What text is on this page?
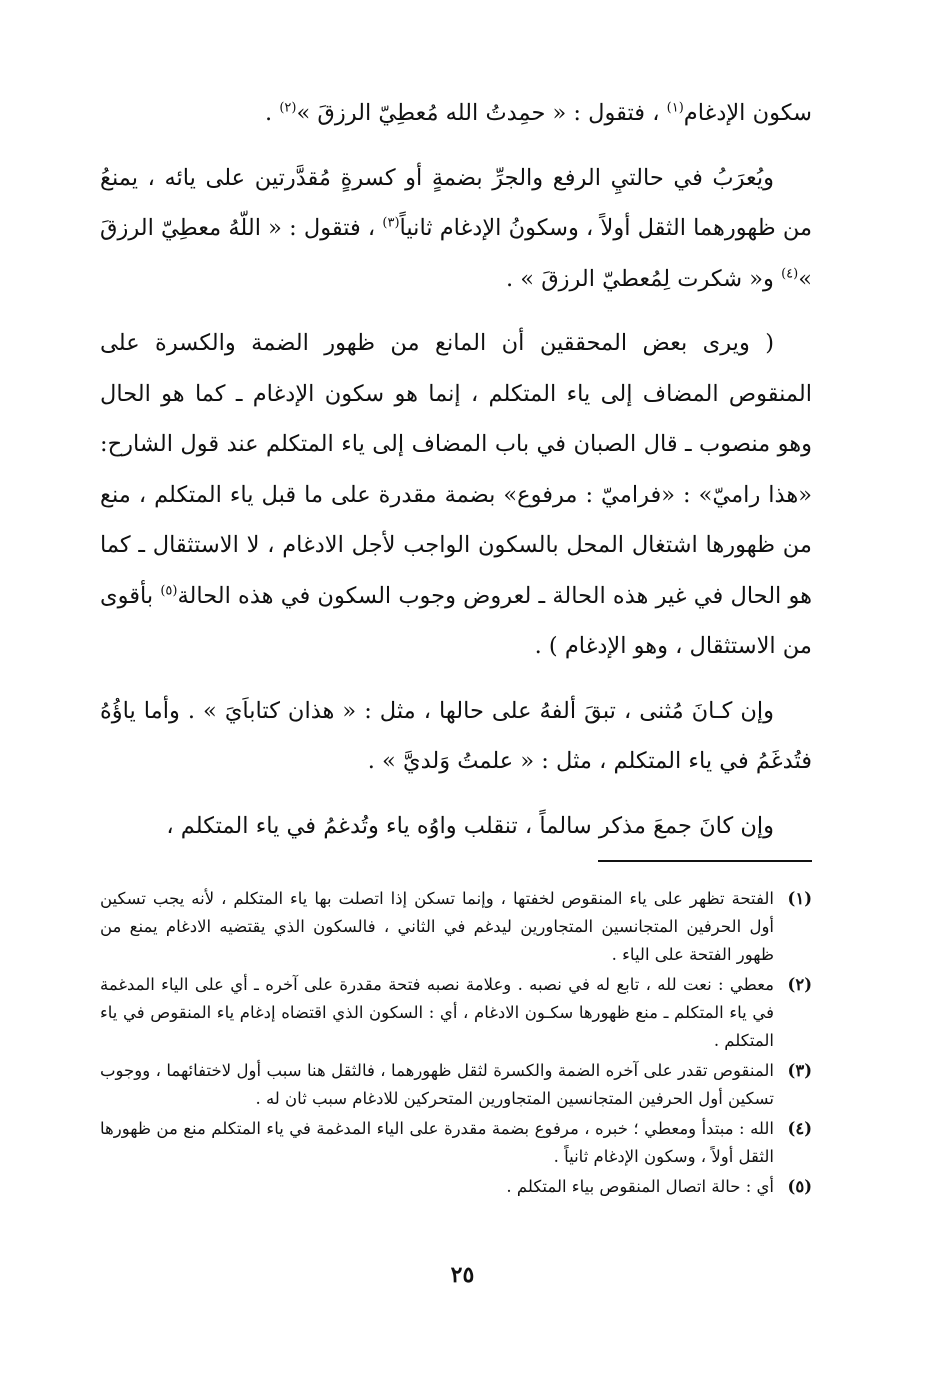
سكون الإدغام$^{(١)}$ ، فتقول : « حمِدتُ الله مُعطِيّ الرزقَ »$^{(٢)}$ .

ويُعرَبُ في حالتيِ الرفع والجرِّ بضمةٍ أو كسرةٍ مُقدَّرتين على يائه ، يمنعُ من ظهورهما الثقل أولاً ، وسكونُ الإدغام ثانياً$^{(٣)}$ ، فتقول : « اللّهُ معطِيّ الرزقَ »$^{(٤)}$ و« شكرت لِمُعطيّ الرزقَ » .

( ويرى بعض المحققين أن المانع من ظهور الضمة والكسرة على المنقوص المضاف إلى ياء المتكلم ، إنما هو سكون الإدغام ـ كما هو الحال وهو منصوب ـ قال الصبان في باب المضاف إلى ياء المتكلم عند قول الشارح: «هذا راميّ» : «فراميّ : مرفوع» بضمة مقدرة على ما قبل ياء المتكلم ، منع من ظهورها اشتغال المحل بالسكون الواجب لأجل الادغام ، لا الاستثقال ـ كما هو الحال في غير هذه الحالة ـ لعروض وجوب السكون في هذه الحالة$^{(٥)}$ بأقوى من الاستثقال ، وهو الإدغام ) .

وإن كـانَ مُثنى ، تبقَ ألفهُ على حالها ، مثل : « هذان كتاباَيَ » . وأما ياؤُهُ فتُدغَمُ في ياء المتكلم ، مثل : « علمتُ وَلديَّ » .

وإن كانَ جمعَ مذكر سالماً ، تنقلب واوُه ياء وتُدغمُ في ياء المتكلم ،

(١)
الفتحة تظهر على ياء المنقوص لخفتها ، وإنما تسكن إذا اتصلت بها ياء المتكلم ، لأنه يجب تسكين أول الحرفين المتجانسين المتجاورين ليدغم في الثاني ، فالسكون الذي يقتضيه الادغام يمنع من ظهور الفتحة على الياء .
(٢)
معطي : نعت لله ، تابع له في نصبه . وعلامة نصبه فتحة مقدرة على آخره ـ أي على الياء المدغمة في ياء المتكلم ـ منع ظهورها سكـون الادغام ، أي : السكون الذي اقتضاه إدغام ياء المنقوص في ياء المتكلم .
(٣)
المنقوص تقدر على آخره الضمة والكسرة لثقل ظهورهما ، فالثقل هنا سبب أول لاختفائهما ، ووجوب تسكين أول الحرفين المتجانسين المتجاورين المتحركين للادغام سبب ثان له .
(٤)
الله : مبتدأ ومعطي ؛ خبره ، مرفوع بضمة مقدرة على الياء المدغمة في ياء المتكلم منع من ظهورها الثقل أولاً ، وسكون الإدغام ثانياً .
(٥)
أي : حالة اتصال المنقوص بياء المتكلم .
٢٥
